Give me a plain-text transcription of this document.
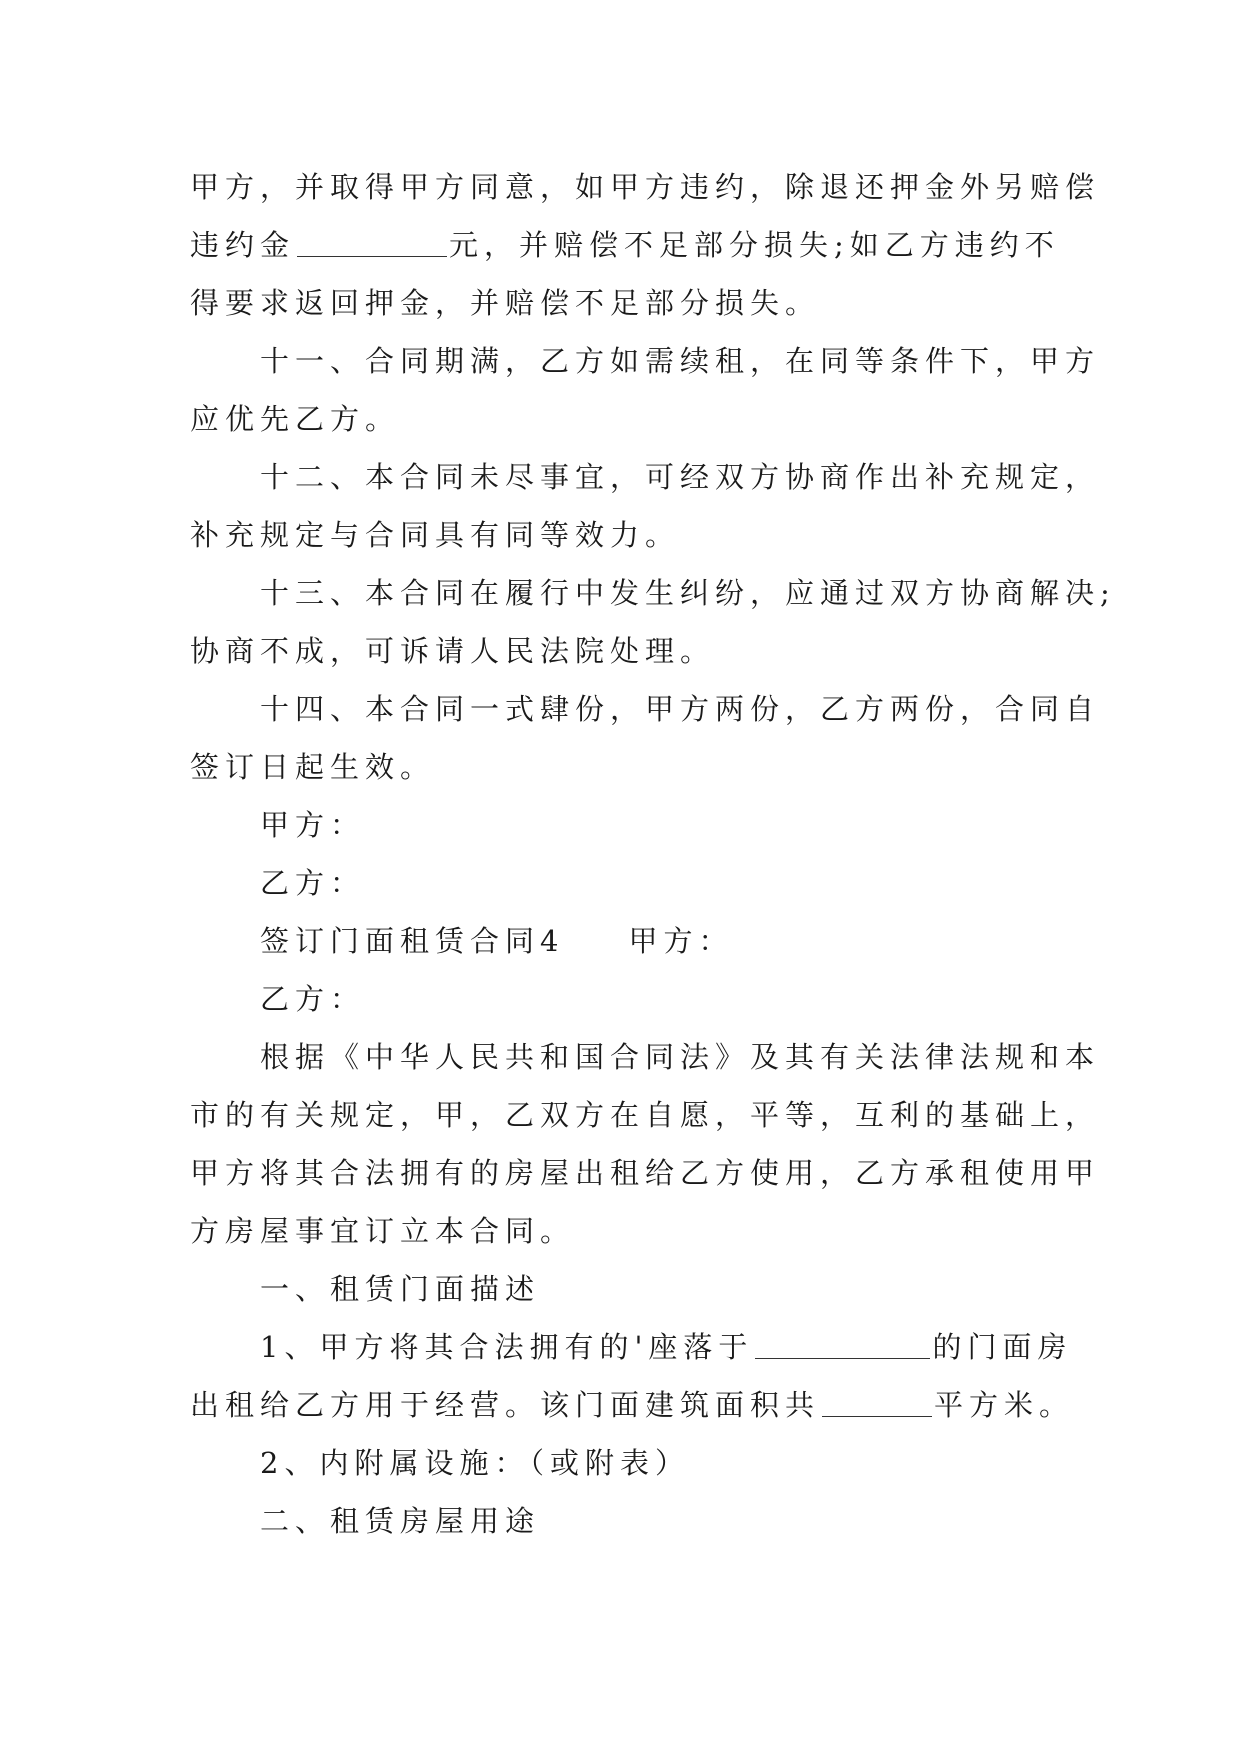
甲方，并取得甲方同意，如甲方违约，除退还押金外另赔偿
违约金	元，并赔偿不足部分损失;如乙方违约不
得要求返回押金，并赔偿不足部分损失。
十一、合同期满，乙方如需续租，在同等条件下，甲方
应优先乙方。
十二、本合同未尽事宜，可经双方协商作出补充规定，
补充规定与合同具有同等效力。
十三、本合同在履行中发生纠纷，应通过双方协商解决;
协商不成，可诉请人民法院处理。
十四、本合同一式肆份，甲方两份，乙方两份，合同自
签订日起生效。
甲方：
乙方：
签订门面租赁合同4 甲方：
乙方：
根据《中华人民共和国合同法》及其有关法律法规和本
市的有关规定，甲，乙双方在自愿，平等，互利的基础上，
甲方将其合法拥有的房屋出租给乙方使用，乙方承租使用甲
方房屋事宜订立本合同。
一、租赁门面描述
1、甲方将其合法拥有的'座落于	的门面房
出租给乙方用于经营。该门面建筑面积共	平方米。
2、内附属设施：（或附表）
二、租赁房屋用途
